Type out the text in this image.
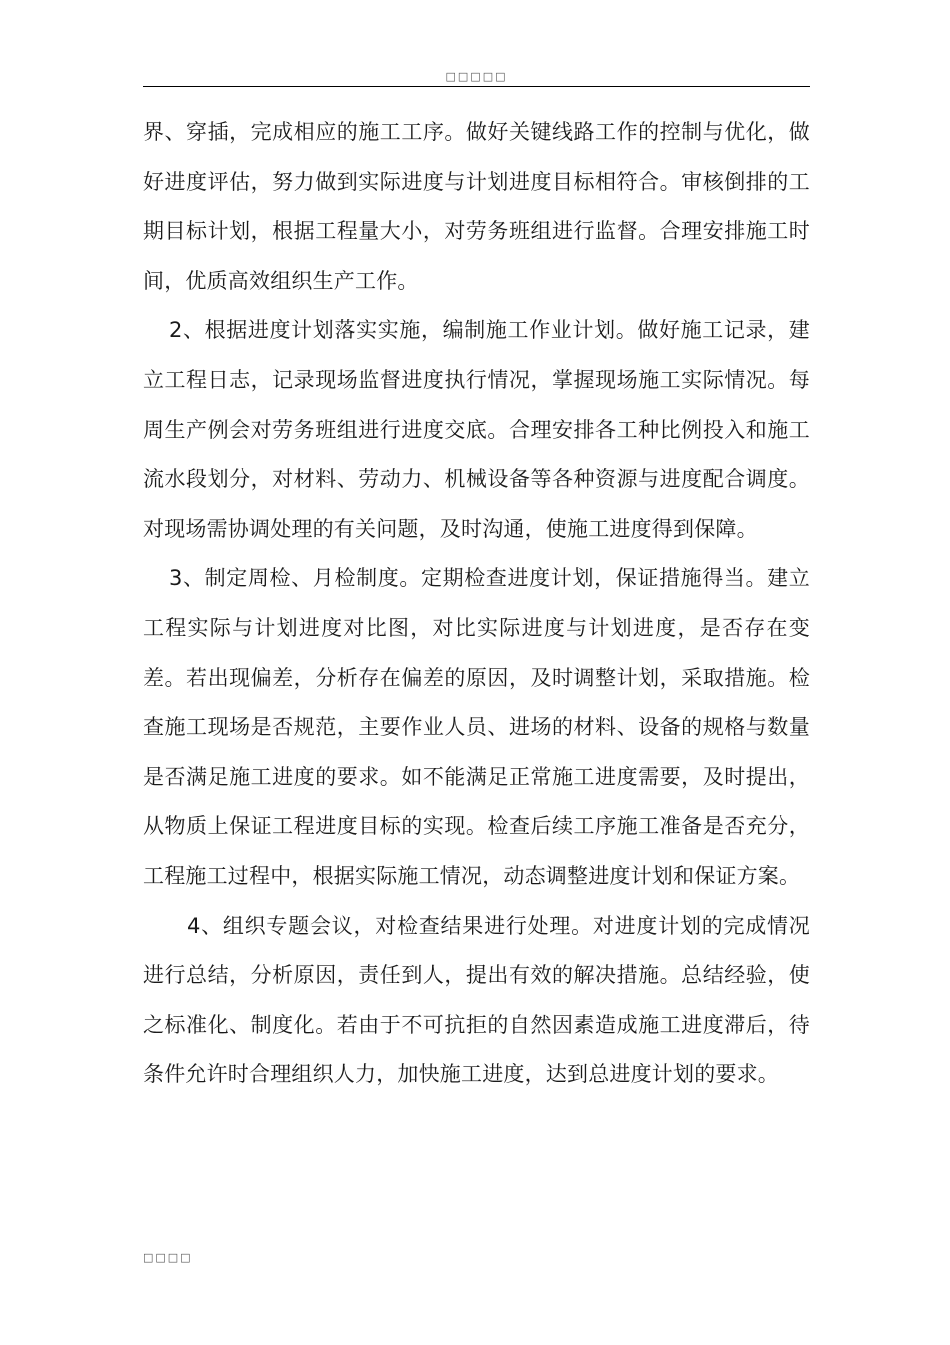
□□□□□

界、穿插，完成相应的施工工序。做好关键线路工作的控制与优化，做好进度评估，努力做到实际进度与计划进度目标相符合。审核倒排的工期目标计划，根据工程量大小，对劳务班组进行监督。合理安排施工时间，优质高效组织生产工作。

2、根据进度计划落实实施，编制施工作业计划。做好施工记录，建立工程日志，记录现场监督进度执行情况，掌握现场施工实际情况。每周生产例会对劳务班组进行进度交底。合理安排各工种比例投入和施工流水段划分，对材料、劳动力、机械设备等各种资源与进度配合调度。对现场需协调处理的有关问题，及时沟通，使施工进度得到保障。

3、制定周检、月检制度。定期检查进度计划，保证措施得当。建立工程实际与计划进度对比图，对比实际进度与计划进度，是否存在变差。若出现偏差，分析存在偏差的原因，及时调整计划，采取措施。检查施工现场是否规范，主要作业人员、进场的材料、设备的规格与数量是否满足施工进度的要求。如不能满足正常施工进度需要，及时提出，从物质上保证工程进度目标的实现。检查后续工序施工准备是否充分，工程施工过程中，根据实际施工情况，动态调整进度计划和保证方案。

4、组织专题会议，对检查结果进行处理。对进度计划的完成情况进行总结，分析原因，责任到人，提出有效的解决措施。总结经验，使之标准化、制度化。若由于不可抗拒的自然因素造成施工进度滞后，待条件允许时合理组织人力，加快施工进度，达到总进度计划的要求。

□□□□
